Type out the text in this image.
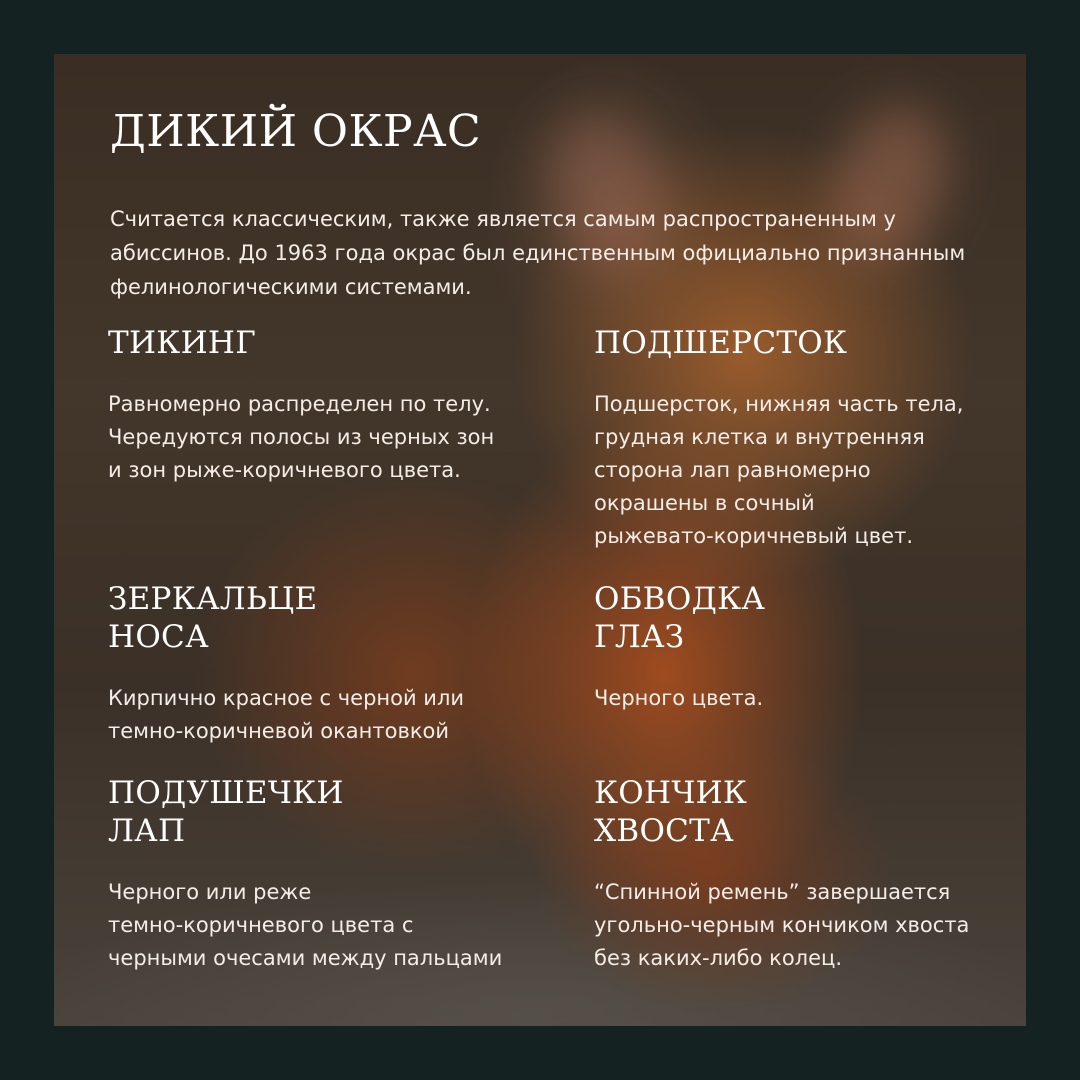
ДИКИЙ ОКРАС

Считается классическим, также является самым распространенным у абиссинов. До 1963 года окрас был единственным официально признанным фелинологическими системами.

ТИКИНГ

Равномерно распределен по телу.
Чередуются полосы из черных зон
и зон рыже-коричневого цвета.

ПОДШЕРСТОК

Подшерсток, нижняя часть тела,
грудная клетка и внутренняя
сторона лап равномерно
окрашены в сочный
рыжевато-коричневый цвет.

ЗЕРКАЛЬЦЕ
НОСА

Кирпично красное с черной или
темно-коричневой окантовкой

ОБВОДКА
ГЛАЗ

Черного цвета.

ПОДУШЕЧКИ
ЛАП

Черного или реже
темно-коричневого цвета с
черными очесами между пальцами

КОНЧИК
ХВОСТА

“Спинной ремень” завершается
угольно-черным кончиком хвоста
без каких-либо колец.
